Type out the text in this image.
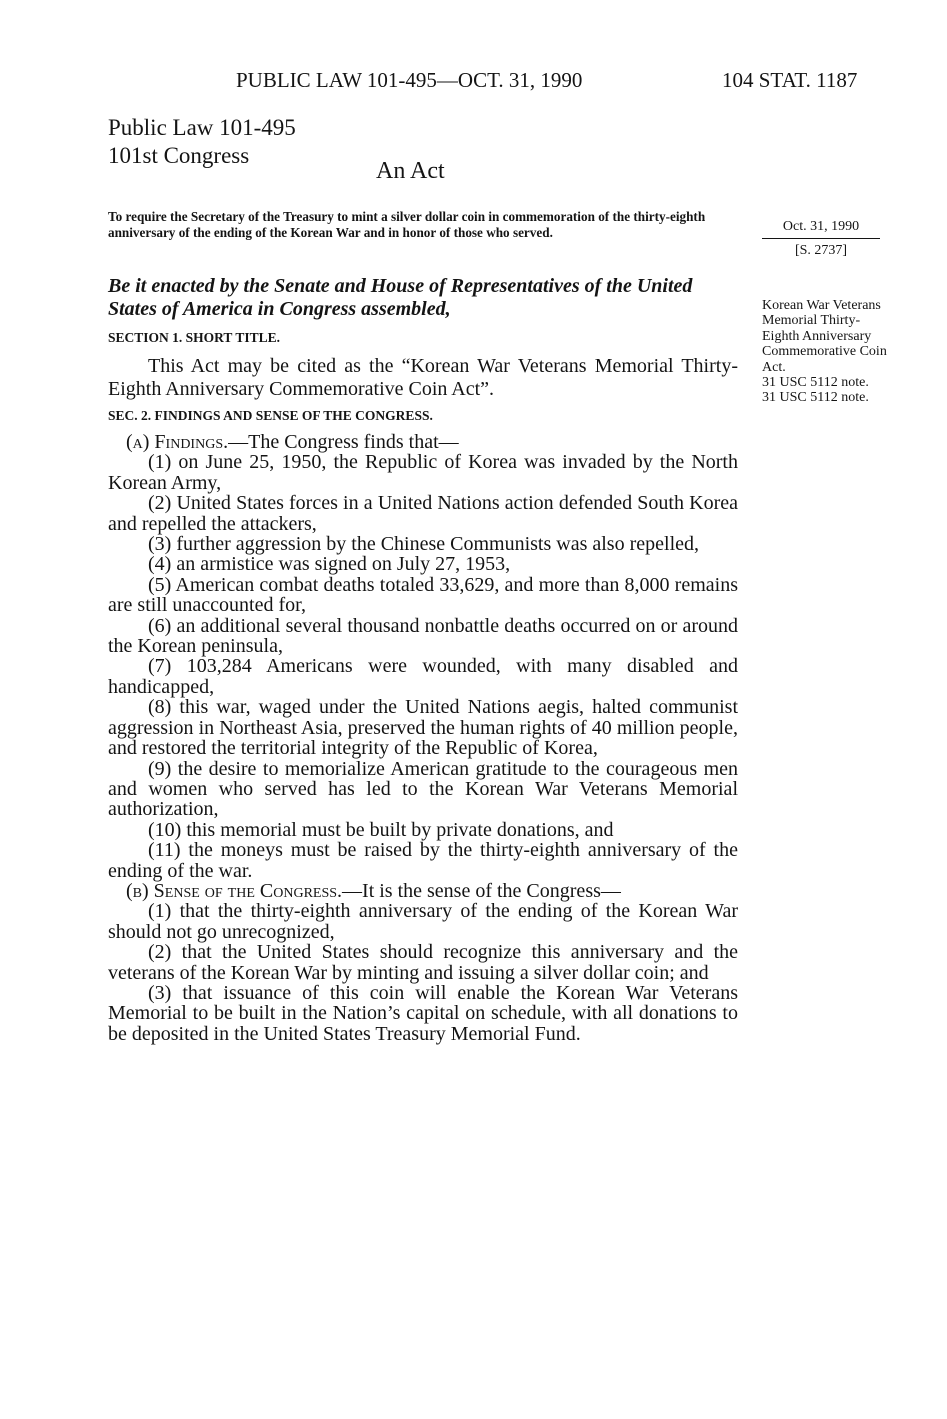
PUBLIC LAW 101-495—OCT. 31, 1990	104 STAT. 1187
Public Law 101-495
101st Congress
An Act
To require the Secretary of the Treasury to mint a silver dollar coin in commemoration of the thirty-eighth anniversary of the ending of the Korean War and in honor of those who served.	Oct. 31, 1990
[S. 2737]
Be it enacted by the Senate and House of Representatives of the United States of America in Congress assembled,
SECTION 1. SHORT TITLE.
This Act may be cited as the “Korean War Veterans Memorial Thirty-Eighth Anniversary Commemorative Coin Act”.
SEC. 2. FINDINGS AND SENSE OF THE CONGRESS.
(a) Findings.—The Congress finds that—
(1) on June 25, 1950, the Republic of Korea was invaded by the North Korean Army,
(2) United States forces in a United Nations action defended South Korea and repelled the attackers,
(3) further aggression by the Chinese Communists was also repelled,
(4) an armistice was signed on July 27, 1953,
(5) American combat deaths totaled 33,629, and more than 8,000 remains are still unaccounted for,
(6) an additional several thousand nonbattle deaths occurred on or around the Korean peninsula,
(7) 103,284 Americans were wounded, with many disabled and handicapped,
(8) this war, waged under the United Nations aegis, halted communist aggression in Northeast Asia, preserved the human rights of 40 million people, and restored the territorial integrity of the Republic of Korea,
(9) the desire to memorialize American gratitude to the courageous men and women who served has led to the Korean War Veterans Memorial authorization,
(10) this memorial must be built by private donations, and
(11) the moneys must be raised by the thirty-eighth anniversary of the ending of the war.
(b) Sense of the Congress.—It is the sense of the Congress—
(1) that the thirty-eighth anniversary of the ending of the Korean War should not go unrecognized,
(2) that the United States should recognize this anniversary and the veterans of the Korean War by minting and issuing a silver dollar coin; and
(3) that issuance of this coin will enable the Korean War Veterans Memorial to be built in the Nation’s capital on schedule, with all donations to be deposited in the United States Treasury Memorial Fund.

Korean War Veterans Memorial Thirty-Eighth Anniversary Commemorative Coin Act.

31 USC 5112 note.

31 USC 5112 note.
